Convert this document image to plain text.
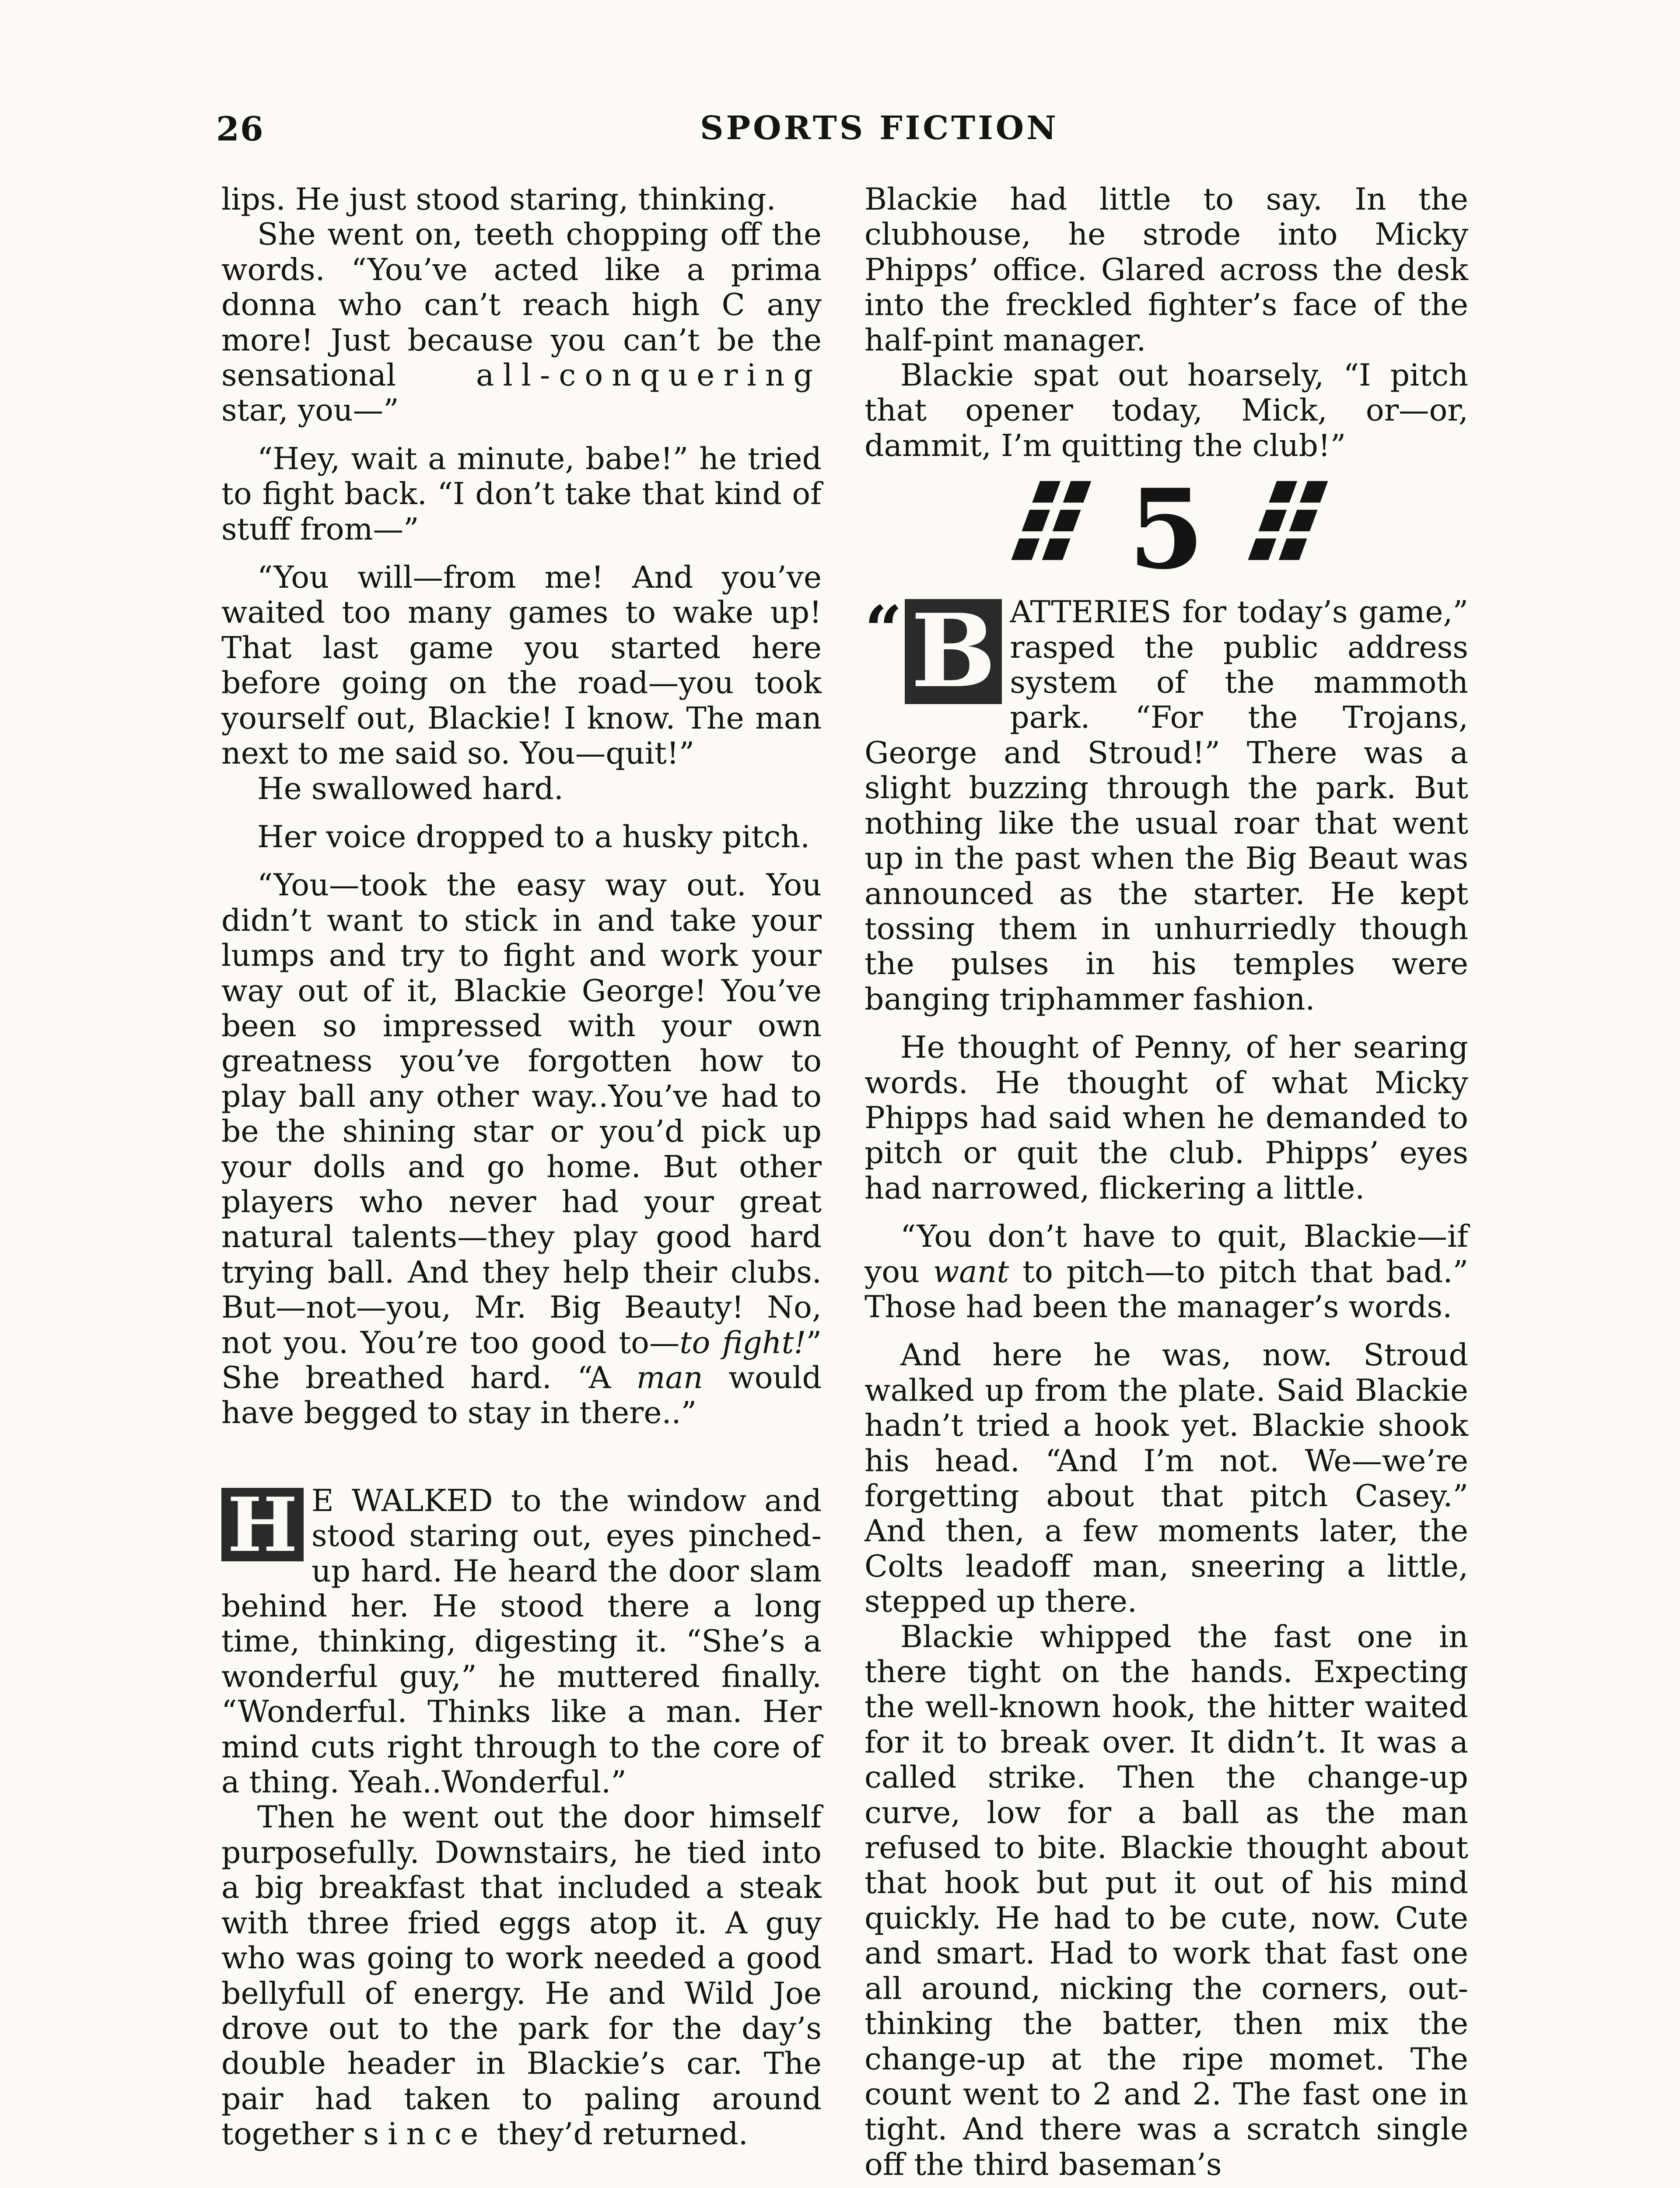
26	SPORTS FICTION

lips. He just stood staring, thinking.

She went on, teeth chopping off the words. “You’ve acted like a prima donna who can’t reach high C any more! Just because you can’t be the sensational	all-conquering star, you—”

“Hey, wait a minute, babe!” he tried to fight back. “I don’t take that kind of stuff from—”

“You will—from me! And you’ve waited too many games to wake up! That last game you started here before going on the road—you took yourself out, Blackie! I know. The man next to me said so. You—quit!”

He swallowed hard.

Her voice dropped to a husky pitch.

“You—took the easy way out. You didn’t want to stick in and take your lumps and try to fight and work your way out of it, Blackie George! You’ve been so impressed with your own greatness you’ve forgotten how to play ball any other way..You’ve had to be the shining star or you’d pick up your dolls and go home. But other players who never had your great natural talents—they play good hard trying ball. And they help their clubs. But—not—you, Mr. Big Beauty! No, not you. You’re too good to—to fight!” She breathed hard. “A man would have begged to stay in there..”

H E WALKED to the window and stood staring out, eyes pinched-up hard. He heard the door slam behind her. He stood there a long time, thinking, digesting it. “She’s a wonderful guy,” he muttered finally. “Wonderful. Thinks like a man. Her mind cuts right through to the core of a thing. Yeah..Wonderful.”

Then he went out the door himself purposefully. Downstairs, he tied into a big breakfast that included a steak with three fried eggs atop it. A guy who was going to work needed a good bellyfull of energy. He and Wild Joe drove out to the park for the day’s double header in Blackie’s car. The pair had taken to paling around together since they’d returned.

Blackie had little to say. In the clubhouse, he strode into Micky Phipps’ office. Glared across the desk into the freckled fighter’s face of the half-pint manager.

Blackie spat out hoarsely, “I pitch that opener today, Mick, or—or, dammit, I’m quitting the club!”

⠿ 5 ⠿

“ B ATTERIES for today’s game,” rasped the public address system of the mammoth park. “For the Trojans, George and Stroud!” There was a slight buzzing through the park. But nothing like the usual roar that went up in the past when the Big Beaut was announced as the starter. He kept tossing them in unhurriedly though the pulses in his temples were banging triphammer fashion.

He thought of Penny, of her searing words. He thought of what Micky Phipps had said when he demanded to pitch or quit the club. Phipps’ eyes had narrowed, flickering a little.

“You don’t have to quit, Blackie—if you want to pitch—to pitch that bad.” Those had been the manager’s words.

And here he was, now. Stroud walked up from the plate. Said Blackie hadn’t tried a hook yet. Blackie shook his head. “And I’m not. We—we’re forgetting about that pitch Casey.” And then, a few moments later, the Colts leadoff man, sneering a little, stepped up there.

Blackie whipped the fast one in there tight on the hands. Expecting the well-known hook, the hitter waited for it to break over. It didn’t. It was a called strike. Then the change-up curve, low for a ball as the man refused to bite. Blackie thought about that hook but put it out of his mind quickly. He had to be cute, now. Cute and smart. Had to work that fast one all around, nicking the corners, out-thinking the batter, then mix the change-up at the ripe momet. The count went to 2 and 2. The fast one in tight. And there was a scratch single off the third baseman’s
